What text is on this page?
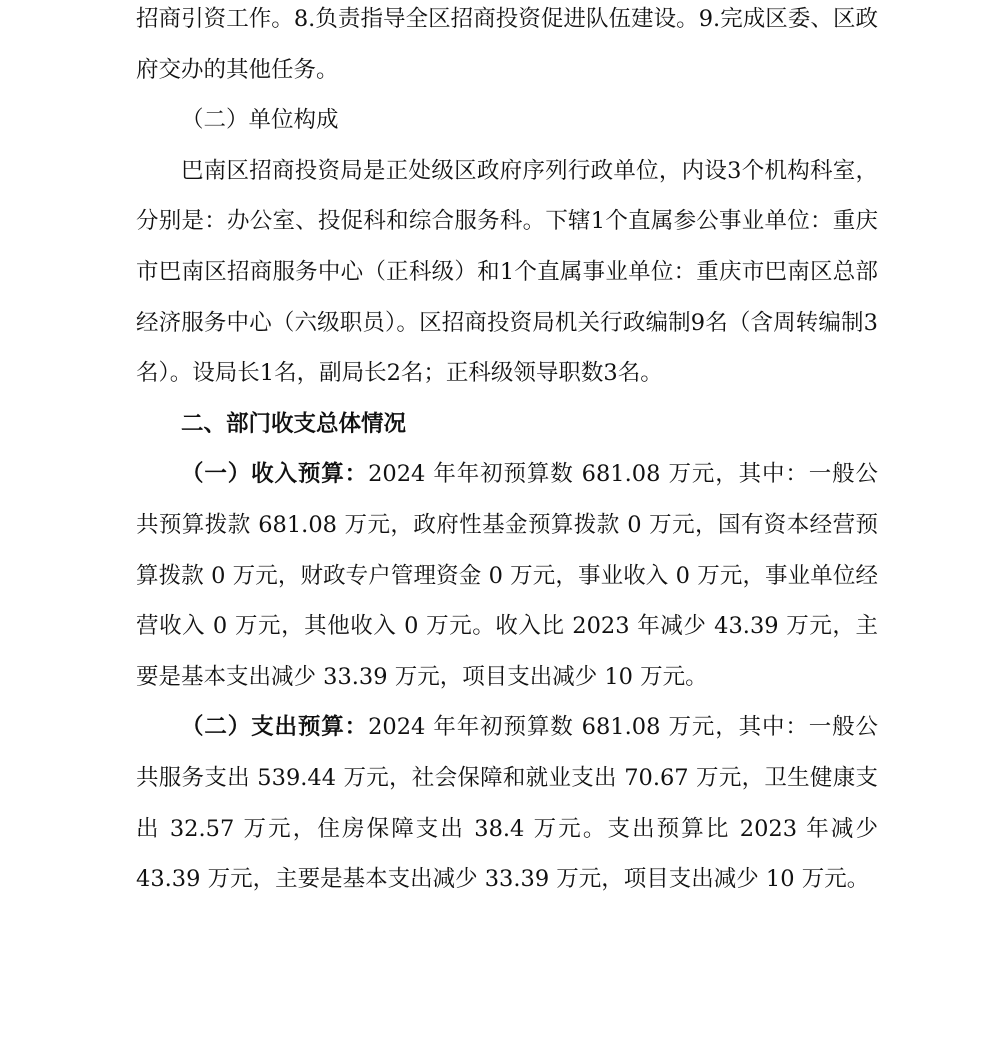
招商引资工作。8.负责指导全区招商投资促进队伍建设。9.完成区委、区政府交办的其他任务。

（二）单位构成

巴南区招商投资局是正处级区政府序列行政单位，内设3个机构科室，分别是：办公室、投促科和综合服务科。下辖1个直属参公事业单位：重庆市巴南区招商服务中心（正科级）和1个直属事业单位：重庆市巴南区总部经济服务中心（六级职员）。区招商投资局机关行政编制9名（含周转编制3名）。设局长1名，副局长2名；正科级领导职数3名。

二、部门收支总体情况

（一）收入预算：2024 年年初预算数 681.08 万元，其中：一般公共预算拨款 681.08 万元，政府性基金预算拨款 0 万元，国有资本经营预算拨款 0 万元，财政专户管理资金 0 万元，事业收入 0 万元，事业单位经营收入 0 万元，其他收入 0 万元。收入比 2023 年减少 43.39 万元，主要是基本支出减少 33.39 万元，项目支出减少 10 万元。

（二）支出预算：2024 年年初预算数 681.08 万元，其中：一般公共服务支出 539.44 万元，社会保障和就业支出 70.67 万元，卫生健康支出 32.57 万元，住房保障支出 38.4 万元。支出预算比 2023 年减少 43.39 万元，主要是基本支出减少 33.39 万元，项目支出减少 10 万元。
